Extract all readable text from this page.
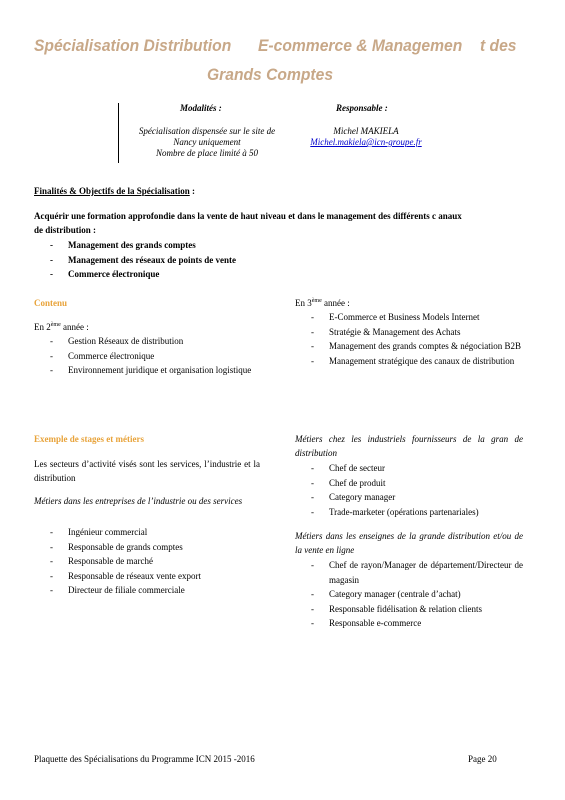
Spécialisation Distribution E-commerce & Managemen t des
Grands Comptes
Modalités :
Spécialisation dispensée sur le site de
Nancy uniquement
Nombre de place limité à 50
Responsable :
Michel MAKIELA
Michel.makiela@icn-groupe.fr
Finalités & Objectifs de la Spécialisation :
Acquérir une formation approfondie dans la vente de haut niveau et dans le management des différents c anaux
de distribution :
- Management des grands comptes
- Management des réseaux de points de vente
- Commerce électronique
Contenu
En 2ème année :
- Gestion Réseaux de distribution
- Commerce électronique
- Environnement juridique et organisation logistique
En 3ème année :
- E-Commerce et Business Models Internet
- Stratégie & Management des Achats
- Management des grands comptes & négociation B2B
- Management stratégique des canaux de distribution
Exemple de stages et métiers
Les secteurs d’activité visés sont les services, l’industrie et la distribution
Métiers dans les entreprises de l’industrie ou des services
- Ingénieur commercial
- Responsable de grands comptes
- Responsable de marché
- Responsable de réseaux vente export
- Directeur de filiale commerciale
Métiers chez les industriels fournisseurs de la gran de distribution
- Chef de secteur
- Chef de produit
- Category manager
- Trade-marketer (opérations partenariales)
Métiers dans les enseignes de la grande distribution et/ou de la vente en ligne
- Chef de rayon/Manager de département/Directeur de magasin
- Category manager (centrale d’achat)
- Responsable fidélisation & relation clients
- Responsable e-commerce
Plaquette des Spécialisations du Programme ICN 2015 -2016	Page 20
